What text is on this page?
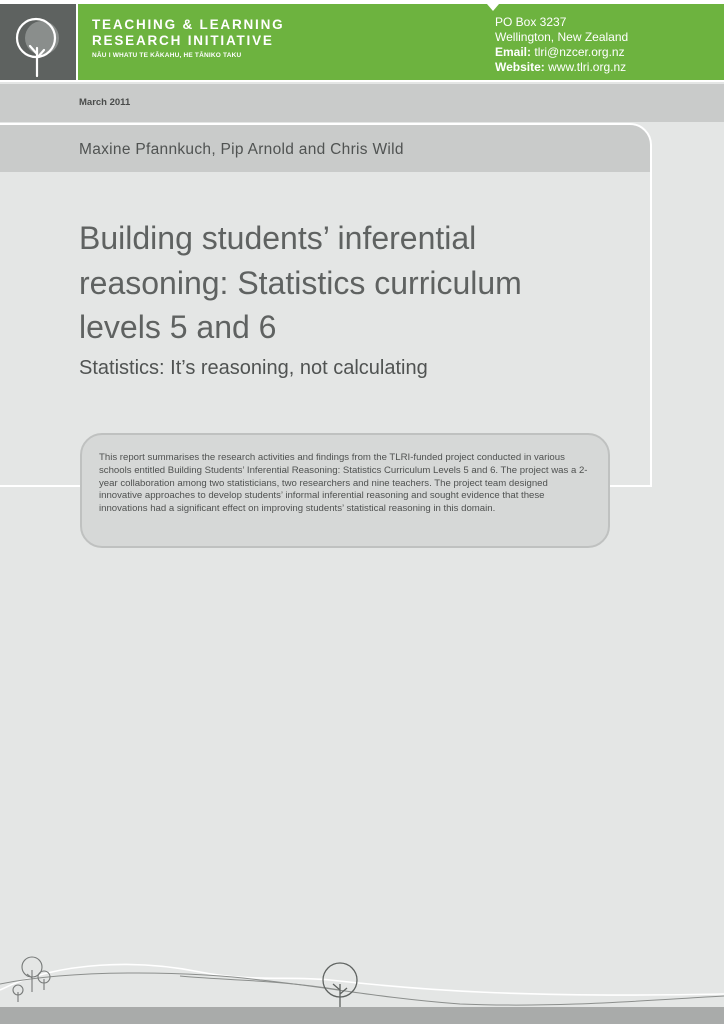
TEACHING & LEARNING
RESEARCH INITIATIVE
NĀU I WHATU TE KĀKAHU, HE TĀNIKO TAKU
PO Box 3237
Wellington, New Zealand
Email: tlri@nzcer.org.nz
Website: www.tlri.org.nz
March 2011
Maxine Pfannkuch, Pip Arnold and Chris Wild
Building students’ inferential reasoning: Statistics curriculum levels 5 and 6
Statistics: It’s reasoning, not calculating
This report summarises the research activities and findings from the TLRI-funded project conducted in various schools entitled Building Students’ Inferential Reasoning: Statistics Curriculum Levels 5 and 6. The project was a 2-year collaboration among two statisticians, two researchers and nine teachers. The project team designed innovative approaches to develop students’ informal inferential reasoning and sought evidence that these innovations had a significant effect on improving students’ statistical reasoning in this domain.
